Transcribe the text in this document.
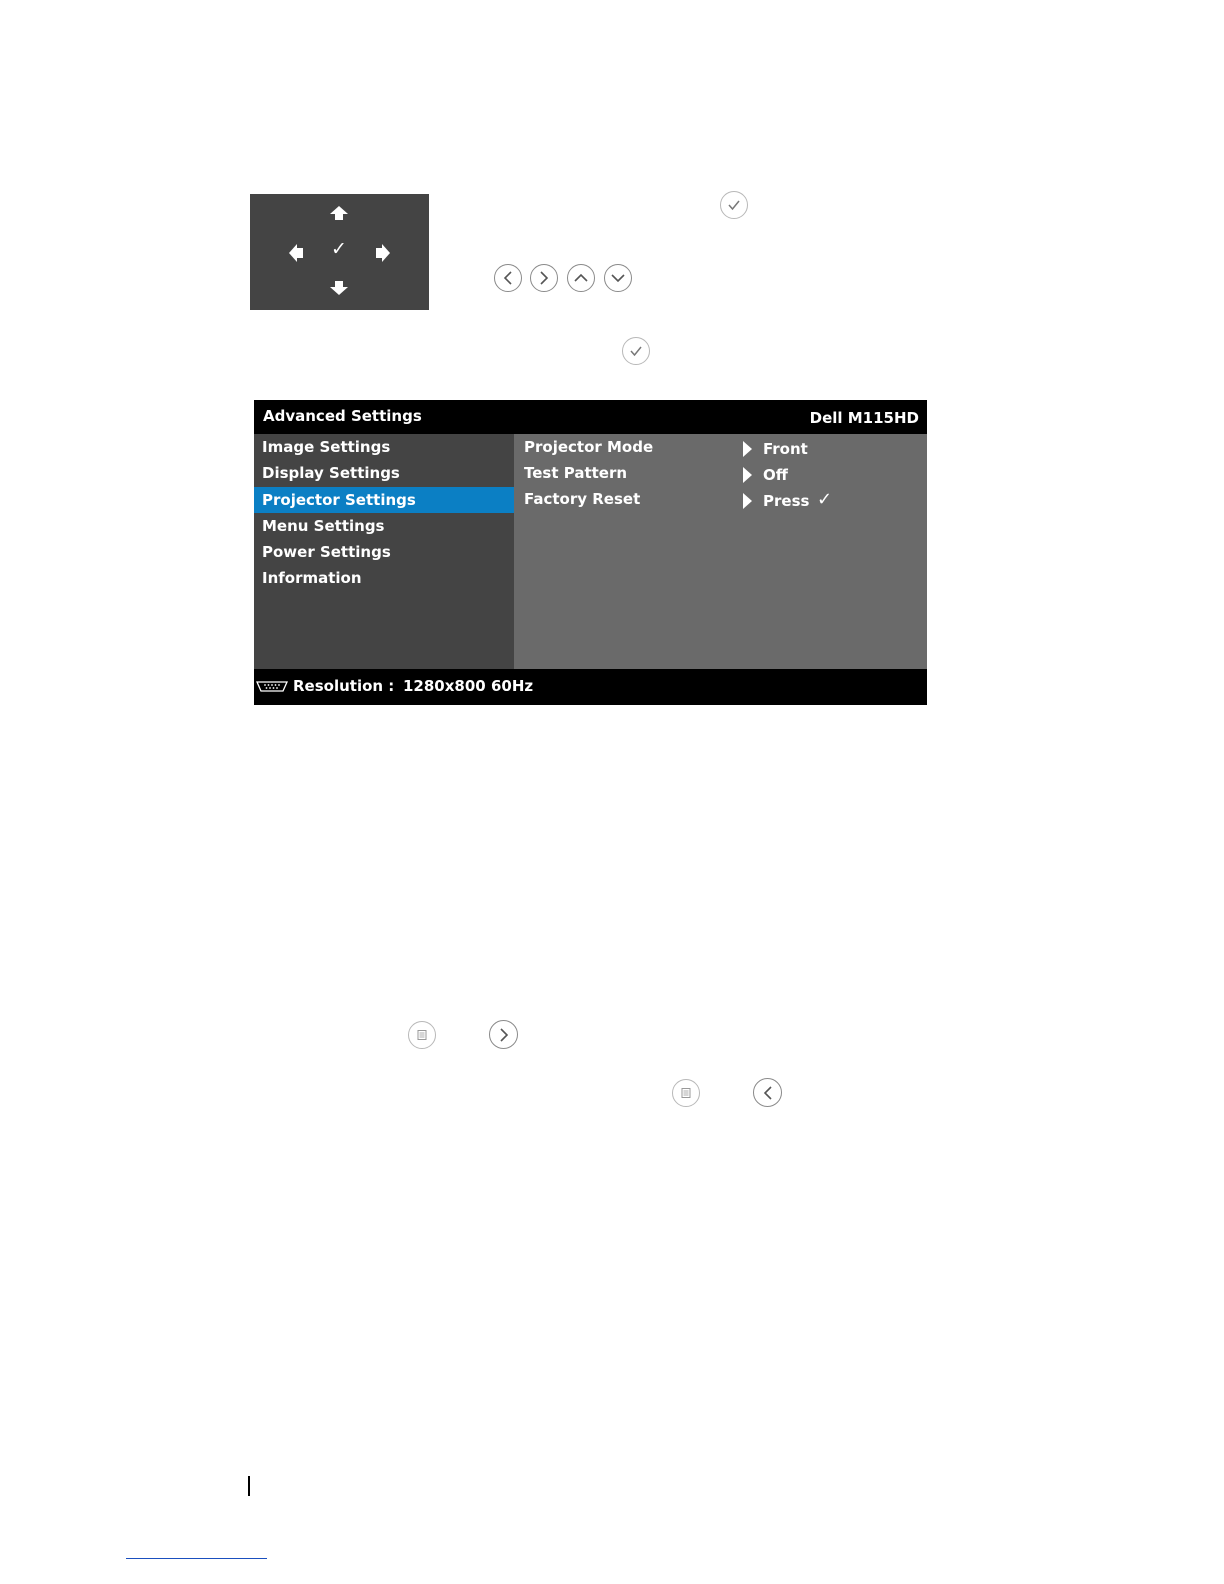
✓
Advanced Settings	Dell M115HD
Image Settings
Display Settings
Projector Settings
Menu Settings
Power Settings
Information
Projector Mode	Front
Test Pattern	Off
Factory Reset	Press ✓
Resolution : 1280x800 60Hz
